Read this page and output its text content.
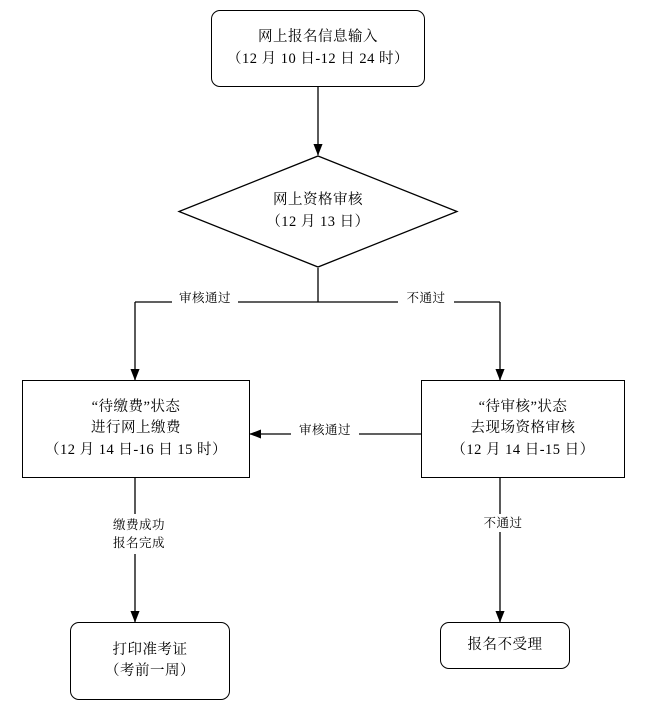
网上报名信息输入
（12 月 10 日-12 日 24 时）
网上资格审核
（12 月 13 日）
审核通过	不通过
“待缴费”状态
进行网上缴费
（12 月 14 日-16 日 15 时）
“待审核”状态
去现场资格审核
（12 月 14 日-15 日）
审核通过
缴费成功
报名完成
不通过
打印准考证
（考前一周）
报名不受理
